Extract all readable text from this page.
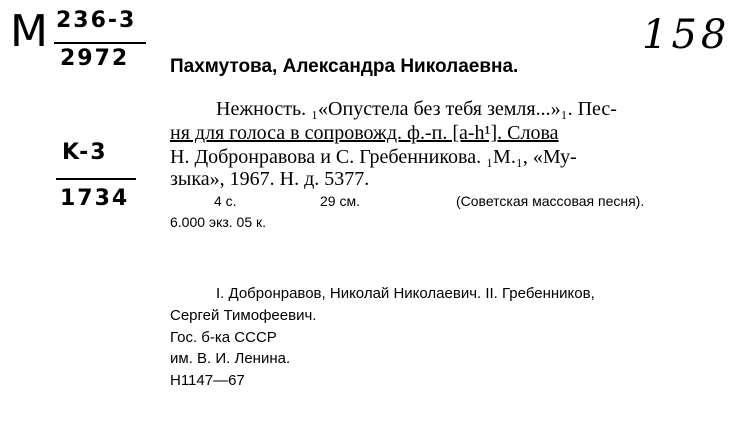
M 236-3
2972
158
K-3
1734
Пахмутова, Александра Николаевна.
Нежность. ₁«Опустела без тебя земля...»₁. Пес-
ня для голоса в сопровожд. ф.-п. [а-h¹]. Слова
Н. Добронравова и С. Гребенникова. ₁М.₁, «Му-
зыка», 1967. Н. д. 5377.
4 с.	29 см.	(Советская массовая песня).
6.000 экз. 05 к.
I. Добронравов, Николай Николаевич. II. Гребенников,
Сергей Тимофеевич.
Гос. б-ка СССР
им. В. И. Ленина.
H1147—67
